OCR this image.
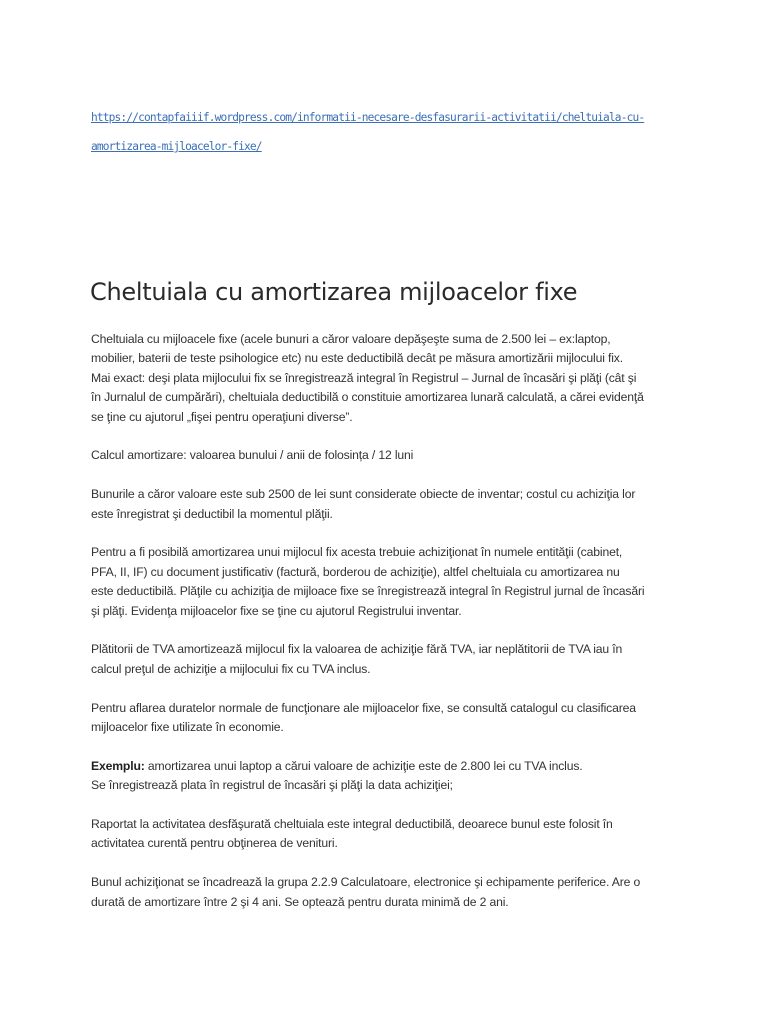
https://contapfaiiif.wordpress.com/informatii-necesare-desfasurarii-activitatii/cheltuiala-cu-
amortizarea-mijloacelor-fixe/
Cheltuiala cu amortizarea mijloacelor fixe

Cheltuiala cu mijloacele fixe (acele bunuri a căror valoare depăşeşte suma de 2.500 lei – ex:laptop,
mobilier, baterii de teste psihologice etc) nu este deductibilă decât pe măsura amortizării mijlocului fix.
Mai exact: deşi plata mijlocului fix se înregistrează integral în Registrul – Jurnal de încasări şi plăţi (cât şi
în Jurnalul de cumpărări), cheltuiala deductibilă o constituie amortizarea lunară calculată, a cărei evidenţă
se ţine cu ajutorul „fişei pentru operaţiuni diverse”.

Calcul amortizare: valoarea bunului / anii de folosința / 12 luni

Bunurile a căror valoare este sub 2500 de lei sunt considerate obiecte de inventar; costul cu achiziţia lor
este înregistrat şi deductibil la momentul plăţii.

Pentru a fi posibilă amortizarea unui mijlocul fix acesta trebuie achiziţionat în numele entităţii (cabinet,
PFA, II, IF) cu document justificativ (factură, borderou de achiziţie), altfel cheltuiala cu amortizarea nu
este deductibilă. Plăţile cu achiziţia de mijloace fixe se înregistrează integral în Registrul jurnal de încasări
şi plăţi. Evidenţa mijloacelor fixe se ţine cu ajutorul Registrului inventar.

Plătitorii de TVA amortizează mijlocul fix la valoarea de achiziţie fără TVA, iar neplătitorii de TVA iau în
calcul preţul de achiziţie a mijlocului fix cu TVA inclus.

Pentru aflarea duratelor normale de funcţionare ale mijloacelor fixe, se consultă catalogul cu clasificarea
mijloacelor fixe utilizate în economie.

Exemplu: amortizarea unui laptop a cărui valoare de achiziţie este de 2.800 lei cu TVA inclus.
Se înregistrează plata în registrul de încasări şi plăţi la data achiziţiei;

Raportat la activitatea desfăşurată cheltuiala este integral deductibilă, deoarece bunul este folosit în
activitatea curentă pentru obţinerea de venituri.

Bunul achiziţionat se încadrează la grupa 2.2.9 Calculatoare, electronice şi echipamente periferice. Are o
durată de amortizare între 2 şi 4 ani. Se optează pentru durata minimă de 2 ani.
